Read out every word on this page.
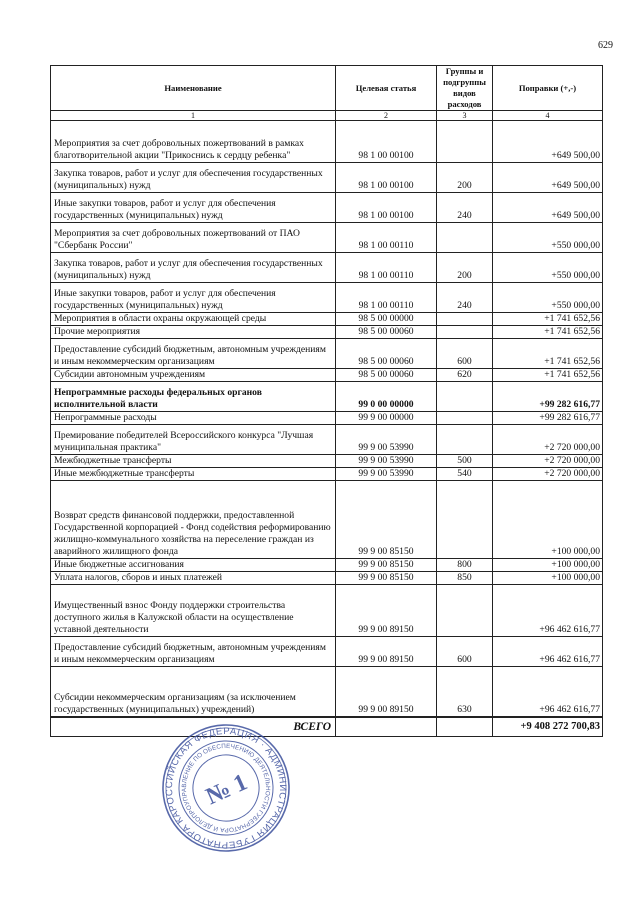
629
Наименование	Целевая статья	Группы и подгруппы видов расходов	Поправки (+,-)
1	2	3	4
Мероприятия за счет добровольных пожертвований в рамках благотворительной акции "Прикоснись к сердцу ребенка"	98 1 00 00100		+649 500,00
Закупка товаров, работ и услуг для обеспечения государственных (муниципальных) нужд	98 1 00 00100	200	+649 500,00
Иные закупки товаров, работ и услуг для обеспечения государственных (муниципальных) нужд	98 1 00 00100	240	+649 500,00
Мероприятия за счет добровольных пожертвований от ПАО "Сбербанк России"	98 1 00 00110		+550 000,00
Закупка товаров, работ и услуг для обеспечения государственных (муниципальных) нужд	98 1 00 00110	200	+550 000,00
Иные закупки товаров, работ и услуг для обеспечения государственных (муниципальных) нужд	98 1 00 00110	240	+550 000,00
Мероприятия в области охраны окружающей среды	98 5 00 00000		+1 741 652,56
Прочие мероприятия	98 5 00 00060		+1 741 652,56
Предоставление субсидий бюджетным, автономным учреждениям и иным некоммерческим организациям	98 5 00 00060	600	+1 741 652,56
Субсидии автономным учреждениям	98 5 00 00060	620	+1 741 652,56
Непрограммные расходы федеральных органов исполнительной власти	99 0 00 00000		+99 282 616,77
Непрограммные расходы	99 9 00 00000		+99 282 616,77
Премирование победителей Всероссийского конкурса "Лучшая муниципальная практика"	99 9 00 53990		+2 720 000,00
Межбюджетные трансферты	99 9 00 53990	500	+2 720 000,00
Иные межбюджетные трансферты	99 9 00 53990	540	+2 720 000,00
Возврат средств финансовой поддержки, предоставленной Государственной корпорацией - Фонд содействия реформированию жилищно-коммунального хозяйства на переселение граждан из аварийного жилищного фонда	99 9 00 85150		+100 000,00
Иные бюджетные ассигнования	99 9 00 85150	800	+100 000,00
Уплата налогов, сборов и иных платежей	99 9 00 85150	850	+100 000,00
Имущественный взнос Фонду поддержки строительства доступного жилья в Калужской области на осуществление уставной деятельности	99 9 00 89150		+96 462 616,77
Предоставление субсидий бюджетным, автономным учреждениям и иным некоммерческим организациям	99 9 00 89150	600	+96 462 616,77
Субсидии некоммерческим организациям (за исключением государственных (муниципальных) учреждений)	99 9 00 89150	630	+96 462 616,77
ВСЕГО			+9 408 272 700,83
РОССИЙСКАЯ ФЕДЕРАЦИЯ · АДМИНИСТРАЦИЯ ГУБЕРНАТОРА КАЛУЖСКОЙ
УПРАВЛЕНИЕ ПО ОБЕСПЕЧЕНИЮ ДЕЯТЕЛЬНОСТИ ГУБЕРНАТОРА И ДЕЛОПРОИЗВОДСТВУ
№ 1
